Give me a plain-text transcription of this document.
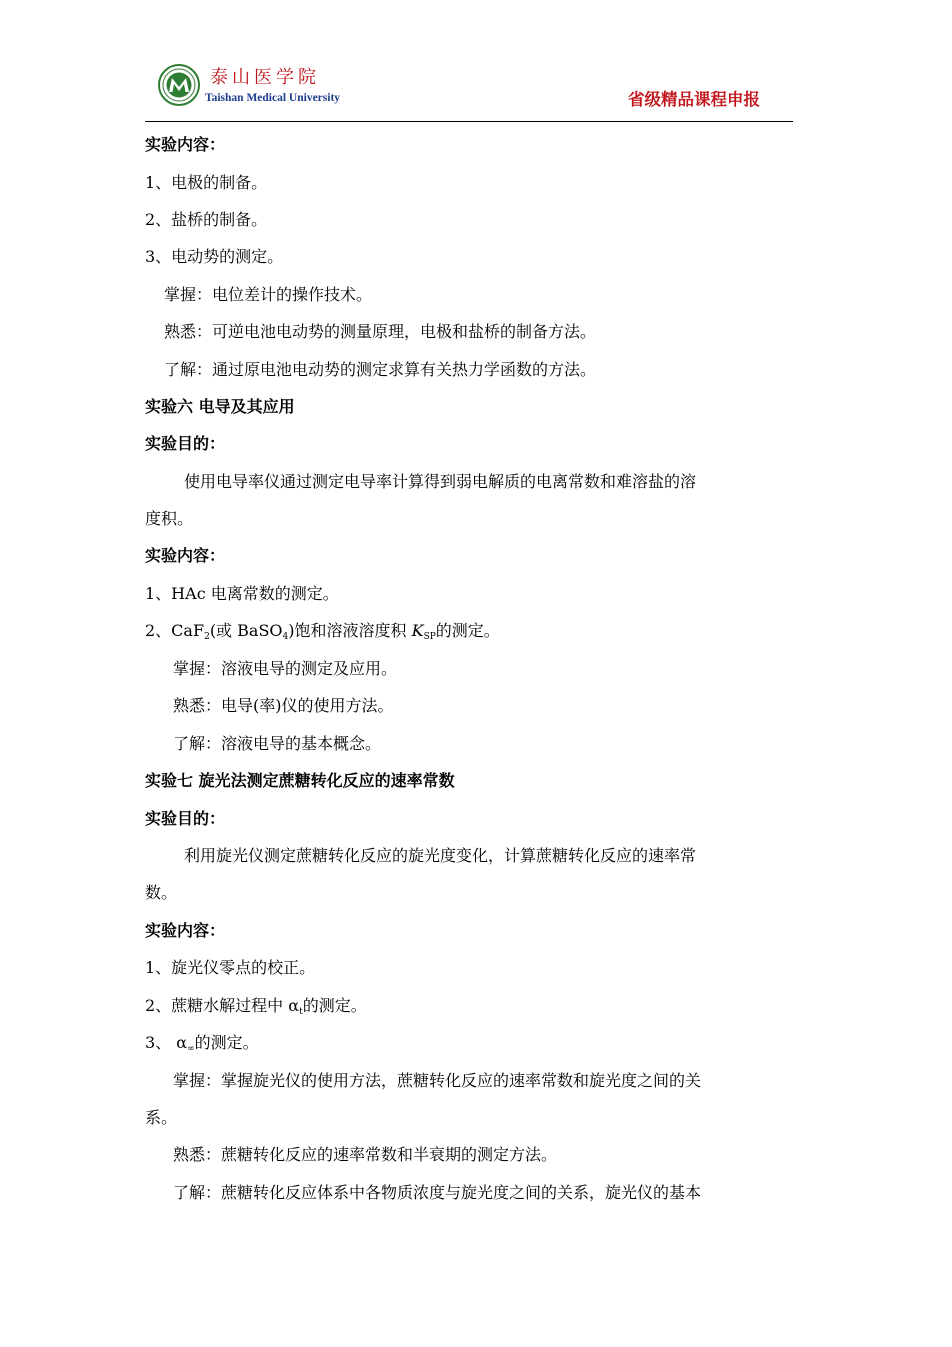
泰山医学院
Taishan Medical University	省级精品课程申报
实验内容：
1、电极的制备。
2、盐桥的制备。
3、电动势的测定。
掌握：电位差计的操作技术。
熟悉：可逆电池电动势的测量原理，电极和盐桥的制备方法。
了解：通过原电池电动势的测定求算有关热力学函数的方法。
实验六 电导及其应用
实验目的：
使用电导率仪通过测定电导率计算得到弱电解质的电离常数和难溶盐的溶
度积。
实验内容：
1、HAc 电离常数的测定。
2、CaF$_2$(或 BaSO$_4$)饱和溶液溶度积 $K_{SP}$的测定。
掌握：溶液电导的测定及应用。
熟悉：电导(率)仪的使用方法。
了解：溶液电导的基本概念。
实验七 旋光法测定蔗糖转化反应的速率常数
实验目的：
利用旋光仪测定蔗糖转化反应的旋光度变化，计算蔗糖转化反应的速率常
数。
实验内容：
1、旋光仪零点的校正。
2、蔗糖水解过程中 $\alpha_t$的测定。
3、 $\alpha_\infty$的测定。
掌握：掌握旋光仪的使用方法，蔗糖转化反应的速率常数和旋光度之间的关
系。
熟悉：蔗糖转化反应的速率常数和半衰期的测定方法。
了解：蔗糖转化反应体系中各物质浓度与旋光度之间的关系，旋光仪的基本
